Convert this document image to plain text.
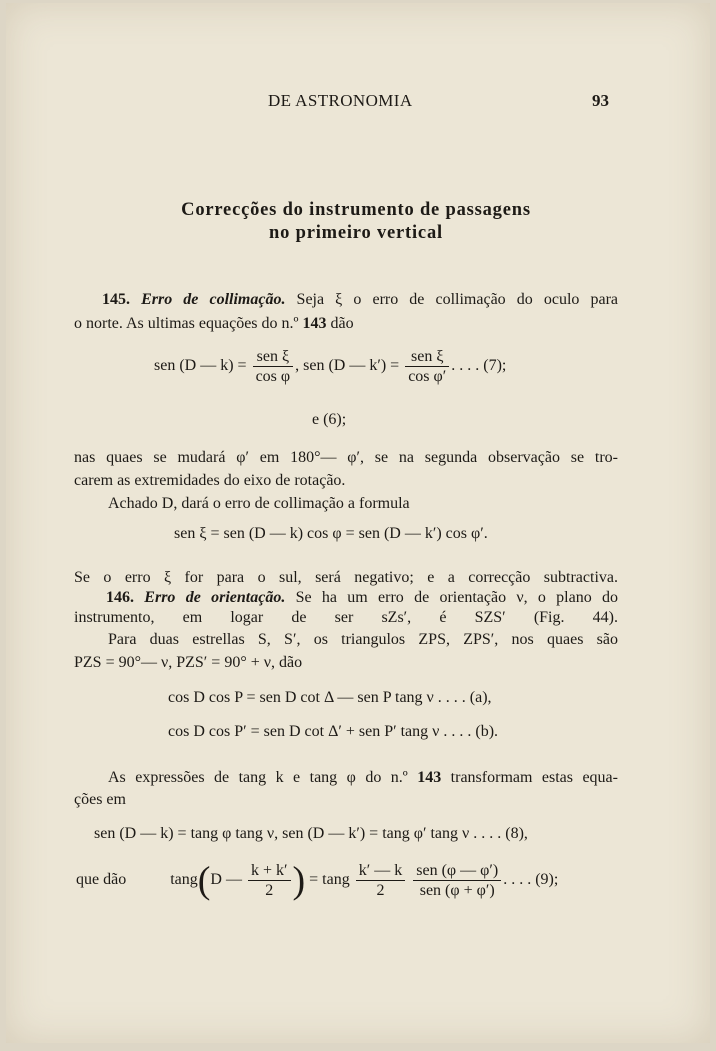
DE ASTRONOMIA	93
Correcções do instrumento de passagens
no primeiro vertical
145. Erro de collimação. Seja ξ o erro de collimação do oculo para
o norte. As ultimas equações do n.º 143 dão
sen (D — $k) = \frac{\text{sen ξ}}{\text{cos φ}}$ , sen (D — $k') = \frac{\text{sen ξ}}{\text{cos φ′}}$ . . . . (7);
e (6);
nas quaes se mudará φ′ em 180°— φ′, se na segunda observação se tro-
carem as extremidades do eixo de rotação.
Achado D, dará o erro de collimação a formula
sen ξ = sen (D — k) cos φ = sen (D — k′) cos φ′.
Se o erro ξ for para o sul, será negativo; e a correcção subtractiva.
146. Erro de orientação. Se ha um erro de orientação ν, o plano do
instrumento, em logar de ser sZs′, é SZS′ (Fig. 44).
Para duas estrellas S, S′, os triangulos ZPS, ZPS′, nos quaes são
PZS = 90°— ν, PZS′ = 90° + ν, dão
cos D cos P = sen D cot Δ — sen P tang ν . . . . (a),
cos D cos P′ = sen D cot Δ′ + sen P′ tang ν . . . . (b).
As expressões de tang k e tang φ do n.º 143 transformam estas equa-
ções em
sen (D — k) = tang φ tang ν, sen (D — k′) = tang φ′ tang ν . . . . (8),
que dão	tang(D — $\frac{k + k'}{2}$ ) = tang $\frac{k' — k}{2}$
$\frac{\text{sen (φ — φ′)}}{\text{sen (φ + φ′)}}$ . . . . (9);
